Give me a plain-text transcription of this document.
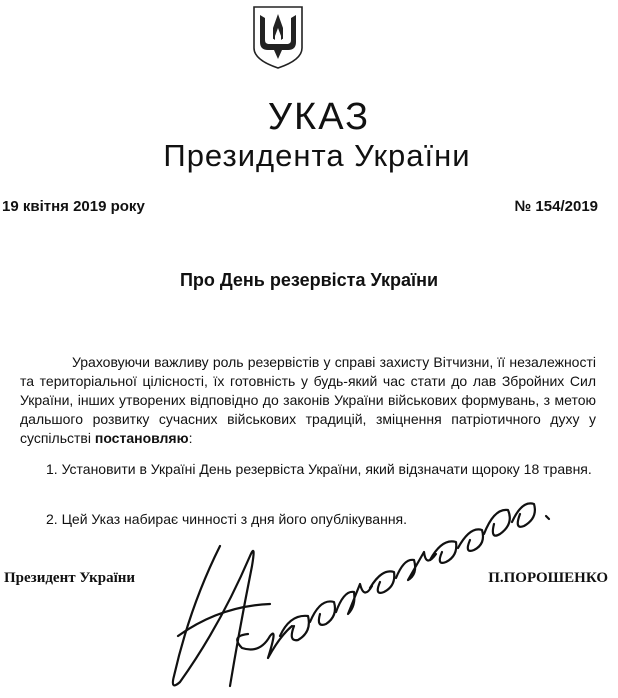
УКАЗ
Президента України
19 квітня 2019 року	№ 154/2019
Про День резервіста України

Ураховуючи важливу роль резервістів у справі захисту Вітчизни, її незалежності та територіальної цілісності, їх готовність у будь-який час стати до лав Збройних Сил України, інших утворених відповідно до законів України військових формувань, з метою дальшого розвитку сучасних військових традицій, зміцнення патріотичного духу у суспільстві постановляю:

1. Установити в Україні День резервіста України, який відзначати щороку 18 травня.

2. Цей Указ набирає чинності з дня його опублікування.

Президент України	П.ПОРОШЕНКО
